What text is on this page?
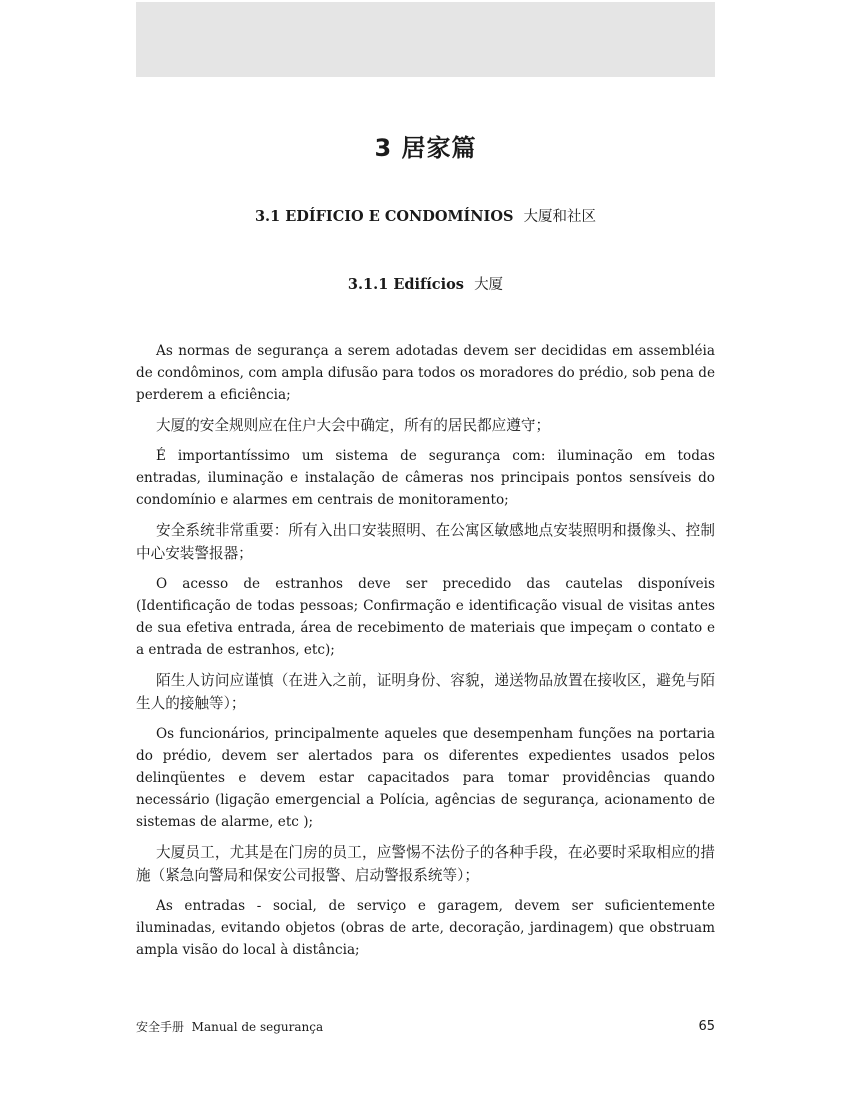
3 居家篇
3.1 EDÍFICIO E CONDOMÍNIOS 大厦和社区
3.1.1 Edifícios 大厦

As normas de segurança a serem adotadas devem ser decididas em assembléia de condôminos, com ampla difusão para todos os moradores do prédio, sob pena de perderem a eficiência;

大厦的安全规则应在住户大会中确定，所有的居民都应遵守；

É importantíssimo um sistema de segurança com: iluminação em todas entradas, iluminação e instalação de câmeras nos principais pontos sensíveis do condomínio e alarmes em centrais de monitoramento;

安全系统非常重要：所有入出口安装照明、在公寓区敏感地点安装照明和摄像头、控制中心安装警报器；

O acesso de estranhos deve ser precedido das cautelas disponíveis (Identificação de todas pessoas; Confirmação e identificação visual de visitas antes de sua efetiva entrada, área de recebimento de materiais que impeçam o contato e a entrada de estranhos, etc);

陌生人访问应谨慎（在进入之前，证明身份、容貌，递送物品放置在接收区，避免与陌生人的接触等）；

Os funcionários, principalmente aqueles que desempenham funções na portaria do prédio, devem ser alertados para os diferentes expedientes usados pelos delinqüentes e devem estar capacitados para tomar providências quando necessário (ligação emergencial a Polícia, agências de segurança, acionamento de sistemas de alarme, etc );

大厦员工，尤其是在门房的员工，应警惕不法份子的各种手段，在必要时采取相应的措施（紧急向警局和保安公司报警、启动警报系统等）；

As entradas - social, de serviço e garagem, devem ser suficientemente iluminadas, evitando objetos (obras de arte, decoração, jardinagem) que obstruam ampla visão do local à distância;

安全手册 Manual de segurança	65
